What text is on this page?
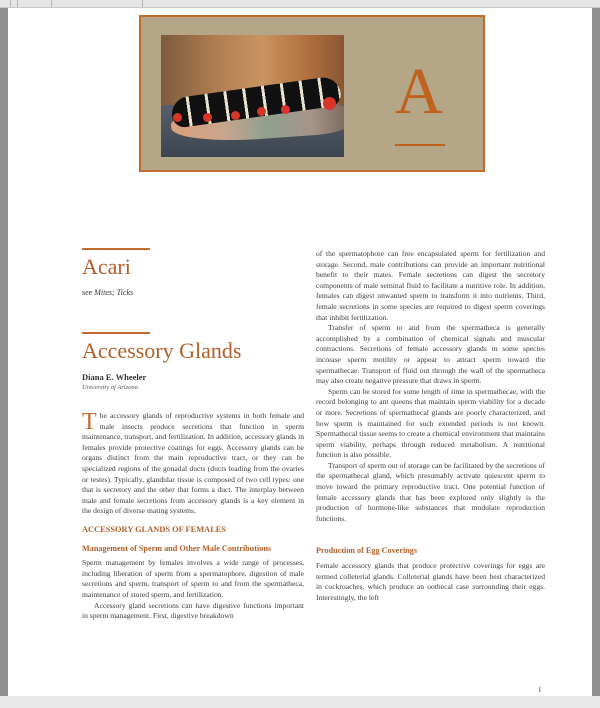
A
Acari
see Mites; Ticks
Accessory Glands
Diana E. Wheeler
University of Arizona

The accessory glands of reproductive systems in both female and male insects produce secretions that function in sperm maintenance, transport, and fertilization. In addition, accessory glands in females provide protective coatings for eggs. Accessory glands can be organs distinct from the main reproductive tract, or they can be specialized regions of the gonadal ducts (ducts leading from the ovaries or testes). Typically, glandular tissue is composed of two cell types: one that is secretory and the other that forms a duct. The interplay between male and female secretions from accessory glands is a key element in the design of diverse mating systems.

ACCESSORY GLANDS OF FEMALES
Management of Sperm and Other Male Contributions

Sperm management by females involves a wide range of processes, including liberation of sperm from a spermatophore, digestion of male secretions and sperm, transport of sperm to and from the spermatheca, maintenance of stored sperm, and fertilization.

Accessory gland secretions can have digestive functions important in sperm management. First, digestive breakdown

of the spermatophore can free encapsulated sperm for fertilization and storage. Second, male contributions can provide an important nutritional benefit to their mates. Female secretions can digest the secretory components of male seminal fluid to facilitate a nutritive role. In addition, females can digest unwanted sperm to transform it into nutrients. Third, female secretions in some species are required to digest sperm coverings that inhibit fertilization.

Transfer of sperm to and from the spermatheca is generally accomplished by a combination of chemical signals and muscular contractions. Secretions of female accessory glands in some species increase sperm motility or appear to attract sperm toward the spermathecae. Transport of fluid out through the wall of the spermatheca may also create negative pressure that draws in sperm.

Sperm can be stored for some length of time in spermathecae, with the record belonging to ant queens that maintain sperm viability for a decade or more. Secretions of spermathecal glands are poorly characterized, and how sperm is maintained for such extended periods is not known. Spermathecal tissue seems to create a chemical environment that maintains sperm viability, perhaps through reduced metabolism. A nutritional function is also possible.

Transport of sperm out of storage can be facilitated by the secretions of the spermathecal gland, which presumably activate quiescent sperm to move toward the primary reproductive tract. One potential function of female accessory glands that has been explored only slightly is the production of hormone-like substances that modulate reproduction functions.

Production of Egg Coverings

Female accessory glands that produce protective coverings for eggs are termed colleterial glands. Colleterial glands have been best characterized in cockroaches, which produce an oothecal case surrounding their eggs. Interestingly, the left

1
